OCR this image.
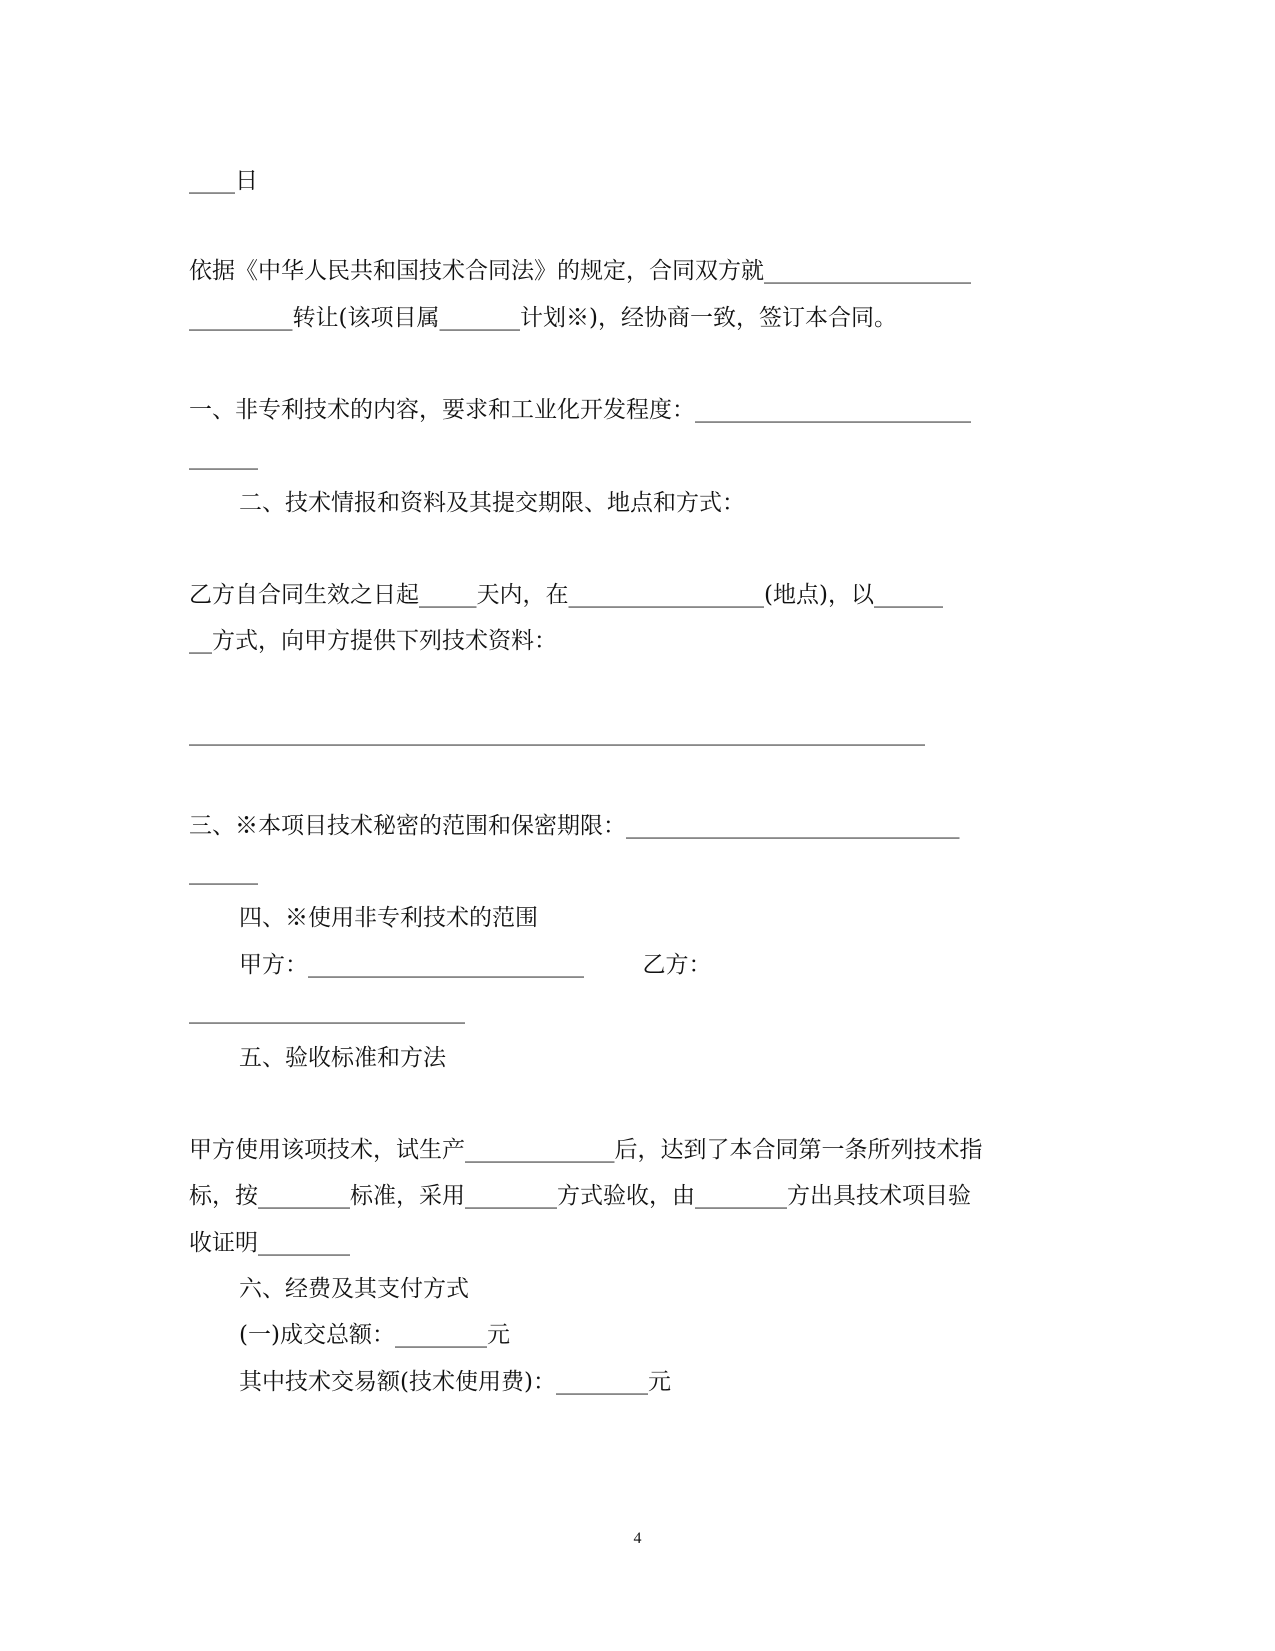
____日

依据《中华人民共和国技术合同法》的规定，合同双方就__________________

_________转让(该项目属_______计划※)，经协商一致，签订本合同。

一、非专利技术的内容，要求和工业化开发程度：________________________

______

二、技术情报和资料及其提交期限、地点和方式：

乙方自合同生效之日起_____天内，在_________________(地点)，以______

__方式，向甲方提供下列技术资料：

________________________________________________________________

三、※本项目技术秘密的范围和保密期限：_____________________________

______

四、※使用非专利技术的范围

甲方：________________________        乙方：

________________________

五、验收标准和方法

甲方使用该项技术，试生产_____________后，达到了本合同第一条所列技术指

标，按________标准，采用________方式验收，由________方出具技术项目验

收证明________

六、经费及其支付方式

(一)成交总额：________元

其中技术交易额(技术使用费)：________元

4
